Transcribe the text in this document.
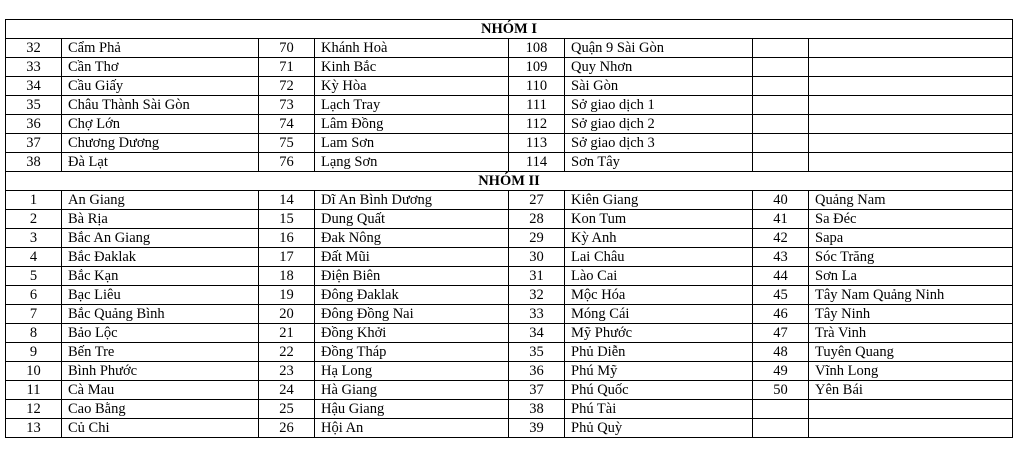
NHÓM I							
32	Cẩm Phả	70	Khánh Hoà	108	Quận 9 Sài Gòn		
33	Cần Thơ	71	Kinh Bắc	109	Quy Nhơn		
34	Cầu Giấy	72	Kỳ Hòa	110	Sài Gòn		
35	Châu Thành Sài Gòn	73	Lạch Tray	111	Sở giao dịch 1		
36	Chợ Lớn	74	Lâm Đồng	112	Sở giao dịch 2		
37	Chương Dương	75	Lam Sơn	113	Sở giao dịch 3		
38	Đà Lạt	76	Lạng Sơn	114	Sơn Tây		
NHÓM II							
1	An Giang	14	Dĩ An Bình Dương	27	Kiên Giang	40	Quảng Nam
2	Bà Rịa	15	Dung Quất	28	Kon Tum	41	Sa Đéc
3	Bắc An Giang	16	Đak Nông	29	Kỳ Anh	42	Sapa
4	Bắc Đaklak	17	Đất Mũi	30	Lai Châu	43	Sóc Trăng
5	Bắc Kạn	18	Điện Biên	31	Lào Cai	44	Sơn La
6	Bạc Liêu	19	Đông Đaklak	32	Mộc Hóa	45	Tây Nam Quảng Ninh
7	Bắc Quảng Bình	20	Đông Đồng Nai	33	Móng Cái	46	Tây Ninh
8	Bảo Lộc	21	Đồng Khởi	34	Mỹ Phước	47	Trà Vinh
9	Bến Tre	22	Đồng Tháp	35	Phủ Diễn	48	Tuyên Quang
10	Bình Phước	23	Hạ Long	36	Phú Mỹ	49	Vĩnh Long
11	Cà Mau	24	Hà Giang	37	Phú Quốc	50	Yên Bái
12	Cao Bằng	25	Hậu Giang	38	Phú Tài		
13	Củ Chi	26	Hội An	39	Phủ Quỳ		
